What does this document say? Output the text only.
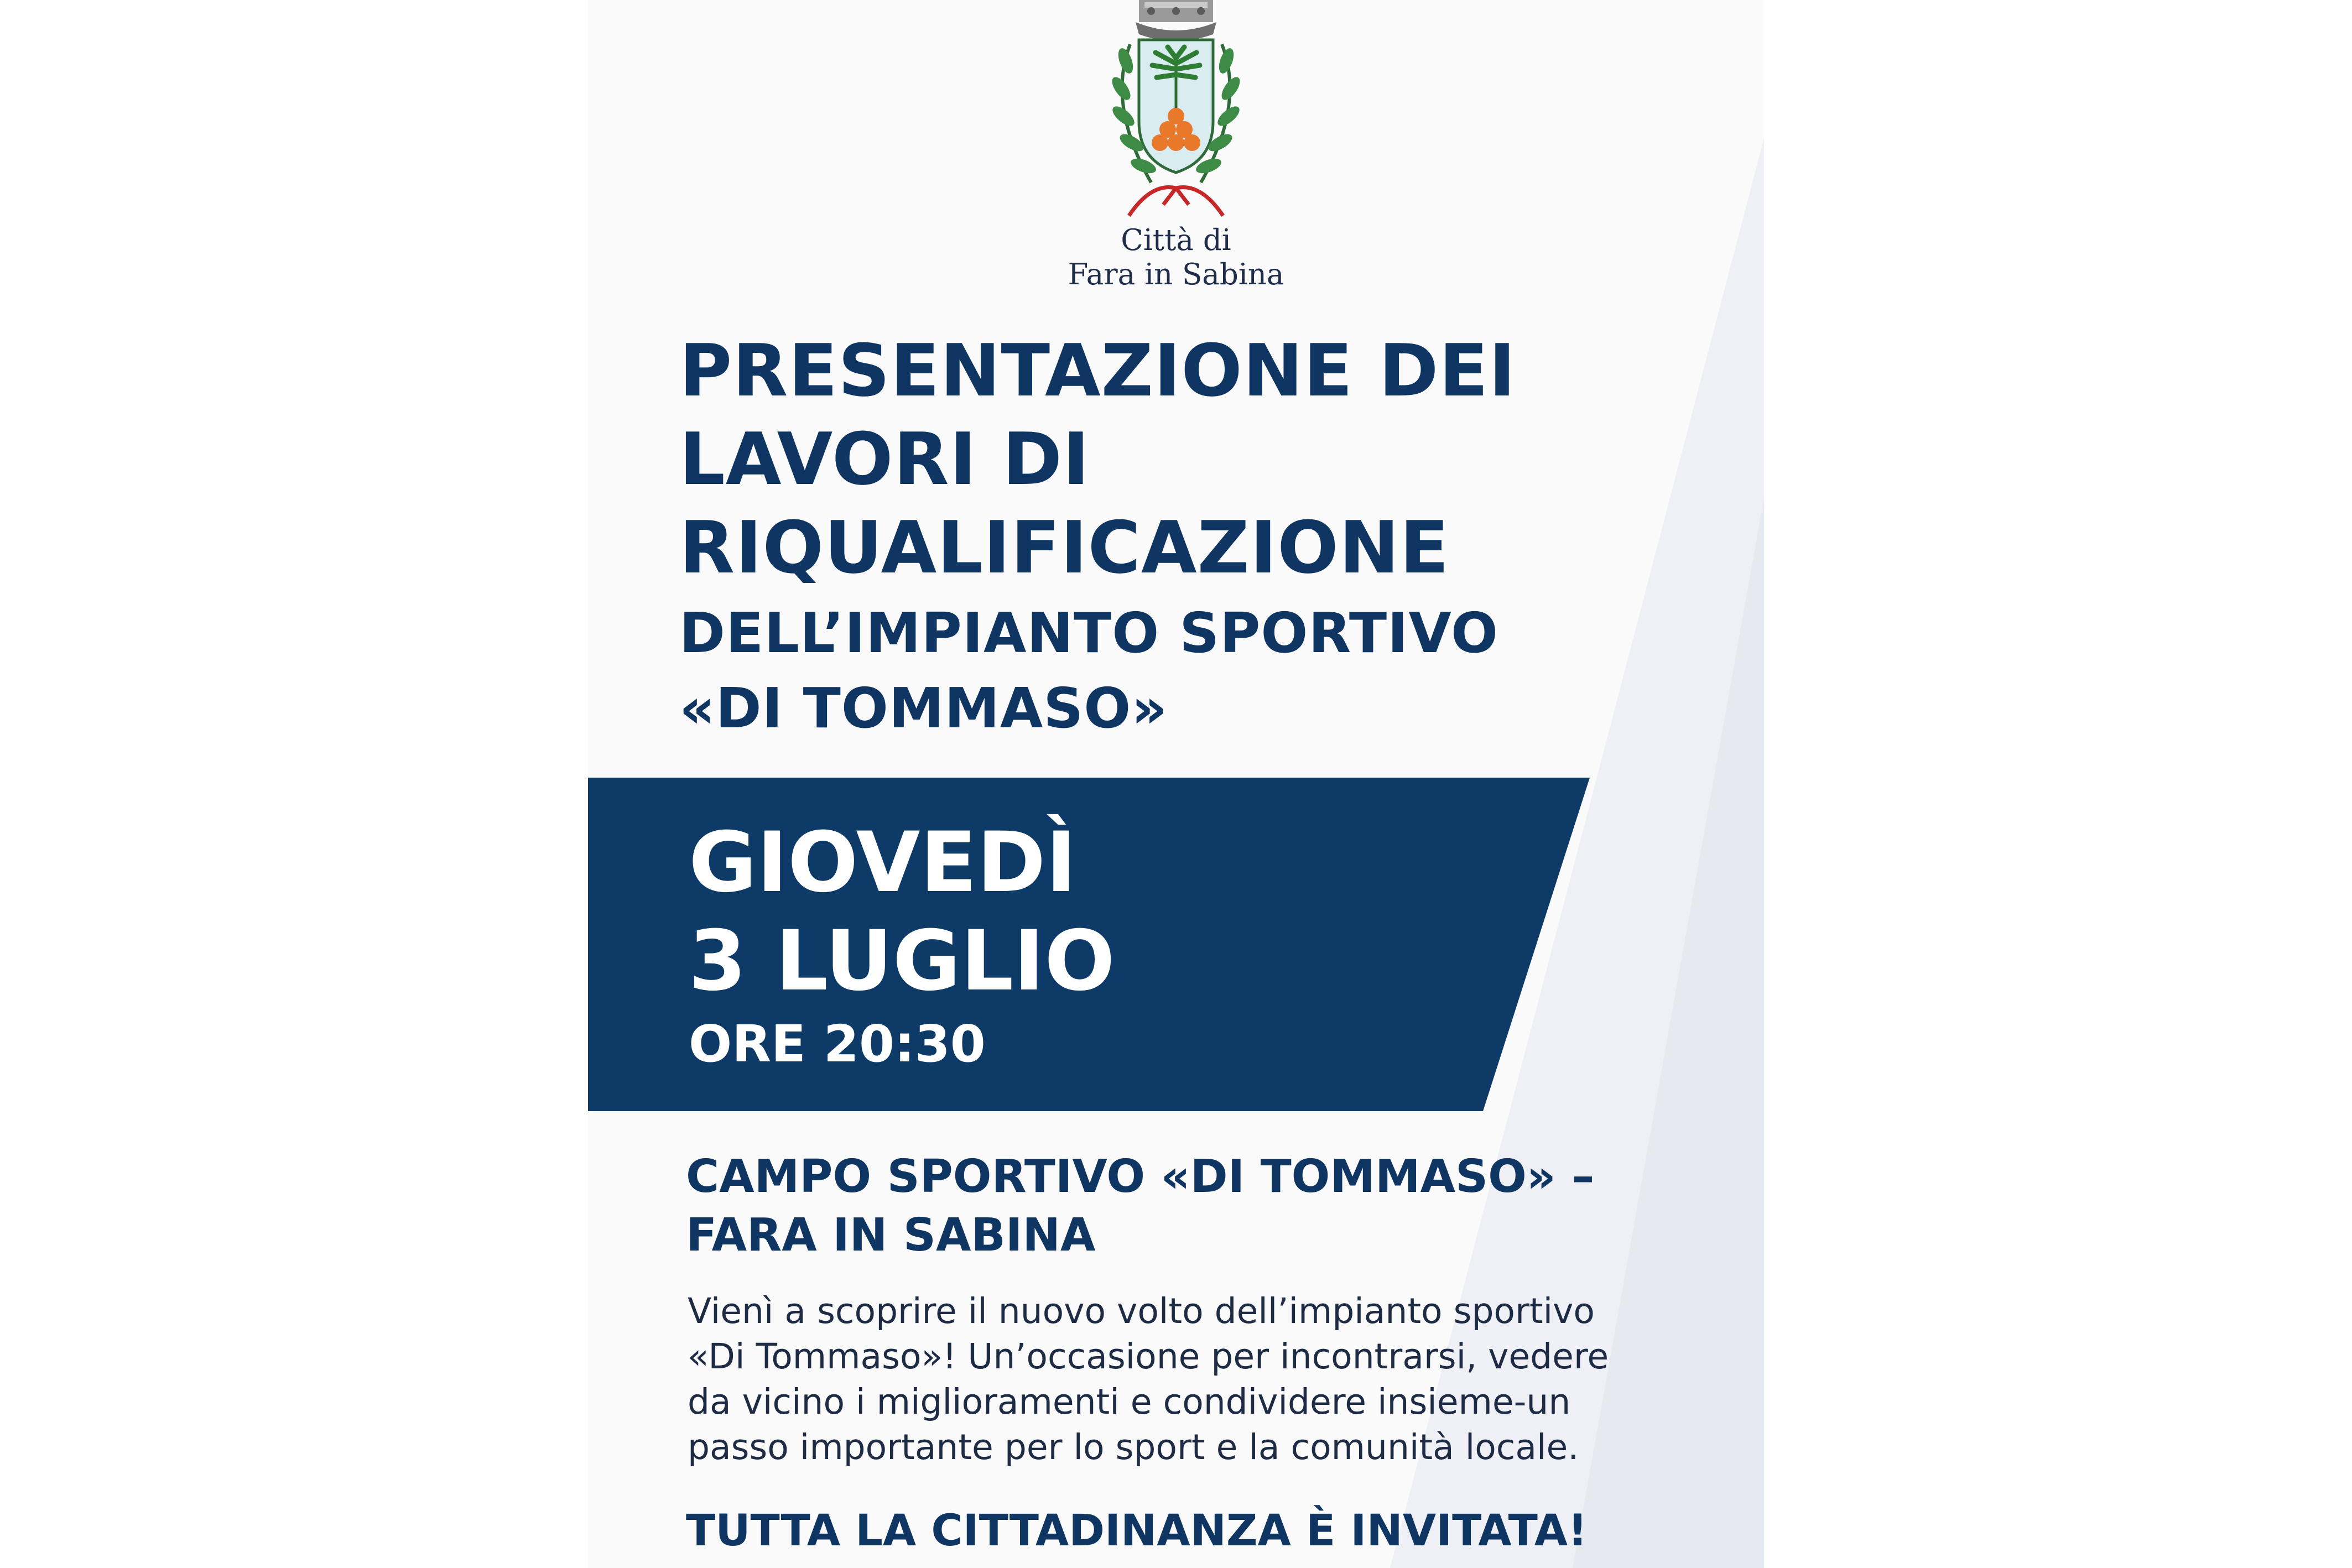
Città di
Fara in Sabina
PRESENTAZIONE DEI
LAVORI DI
RIQUALIFICAZIONE
DELL’IMPIANTO SPORTIVO
«DI TOMMASO»

GIOVEDÌ

3 LUGLIO

ORE 20:30

CAMPO SPORTIVO «DI TOMMASO» –

FARA IN SABINA

Vienì a scoprire il nuovo volto dell’impianto sportivo

«Di Tommaso»! Un’occasione per incontrarsi, vedere

da vicino i miglioramenti e condividere insieme-un

passo importante per lo sport e la comunità locale.

TUTTA LA CITTADINANZA È INVITATA!
